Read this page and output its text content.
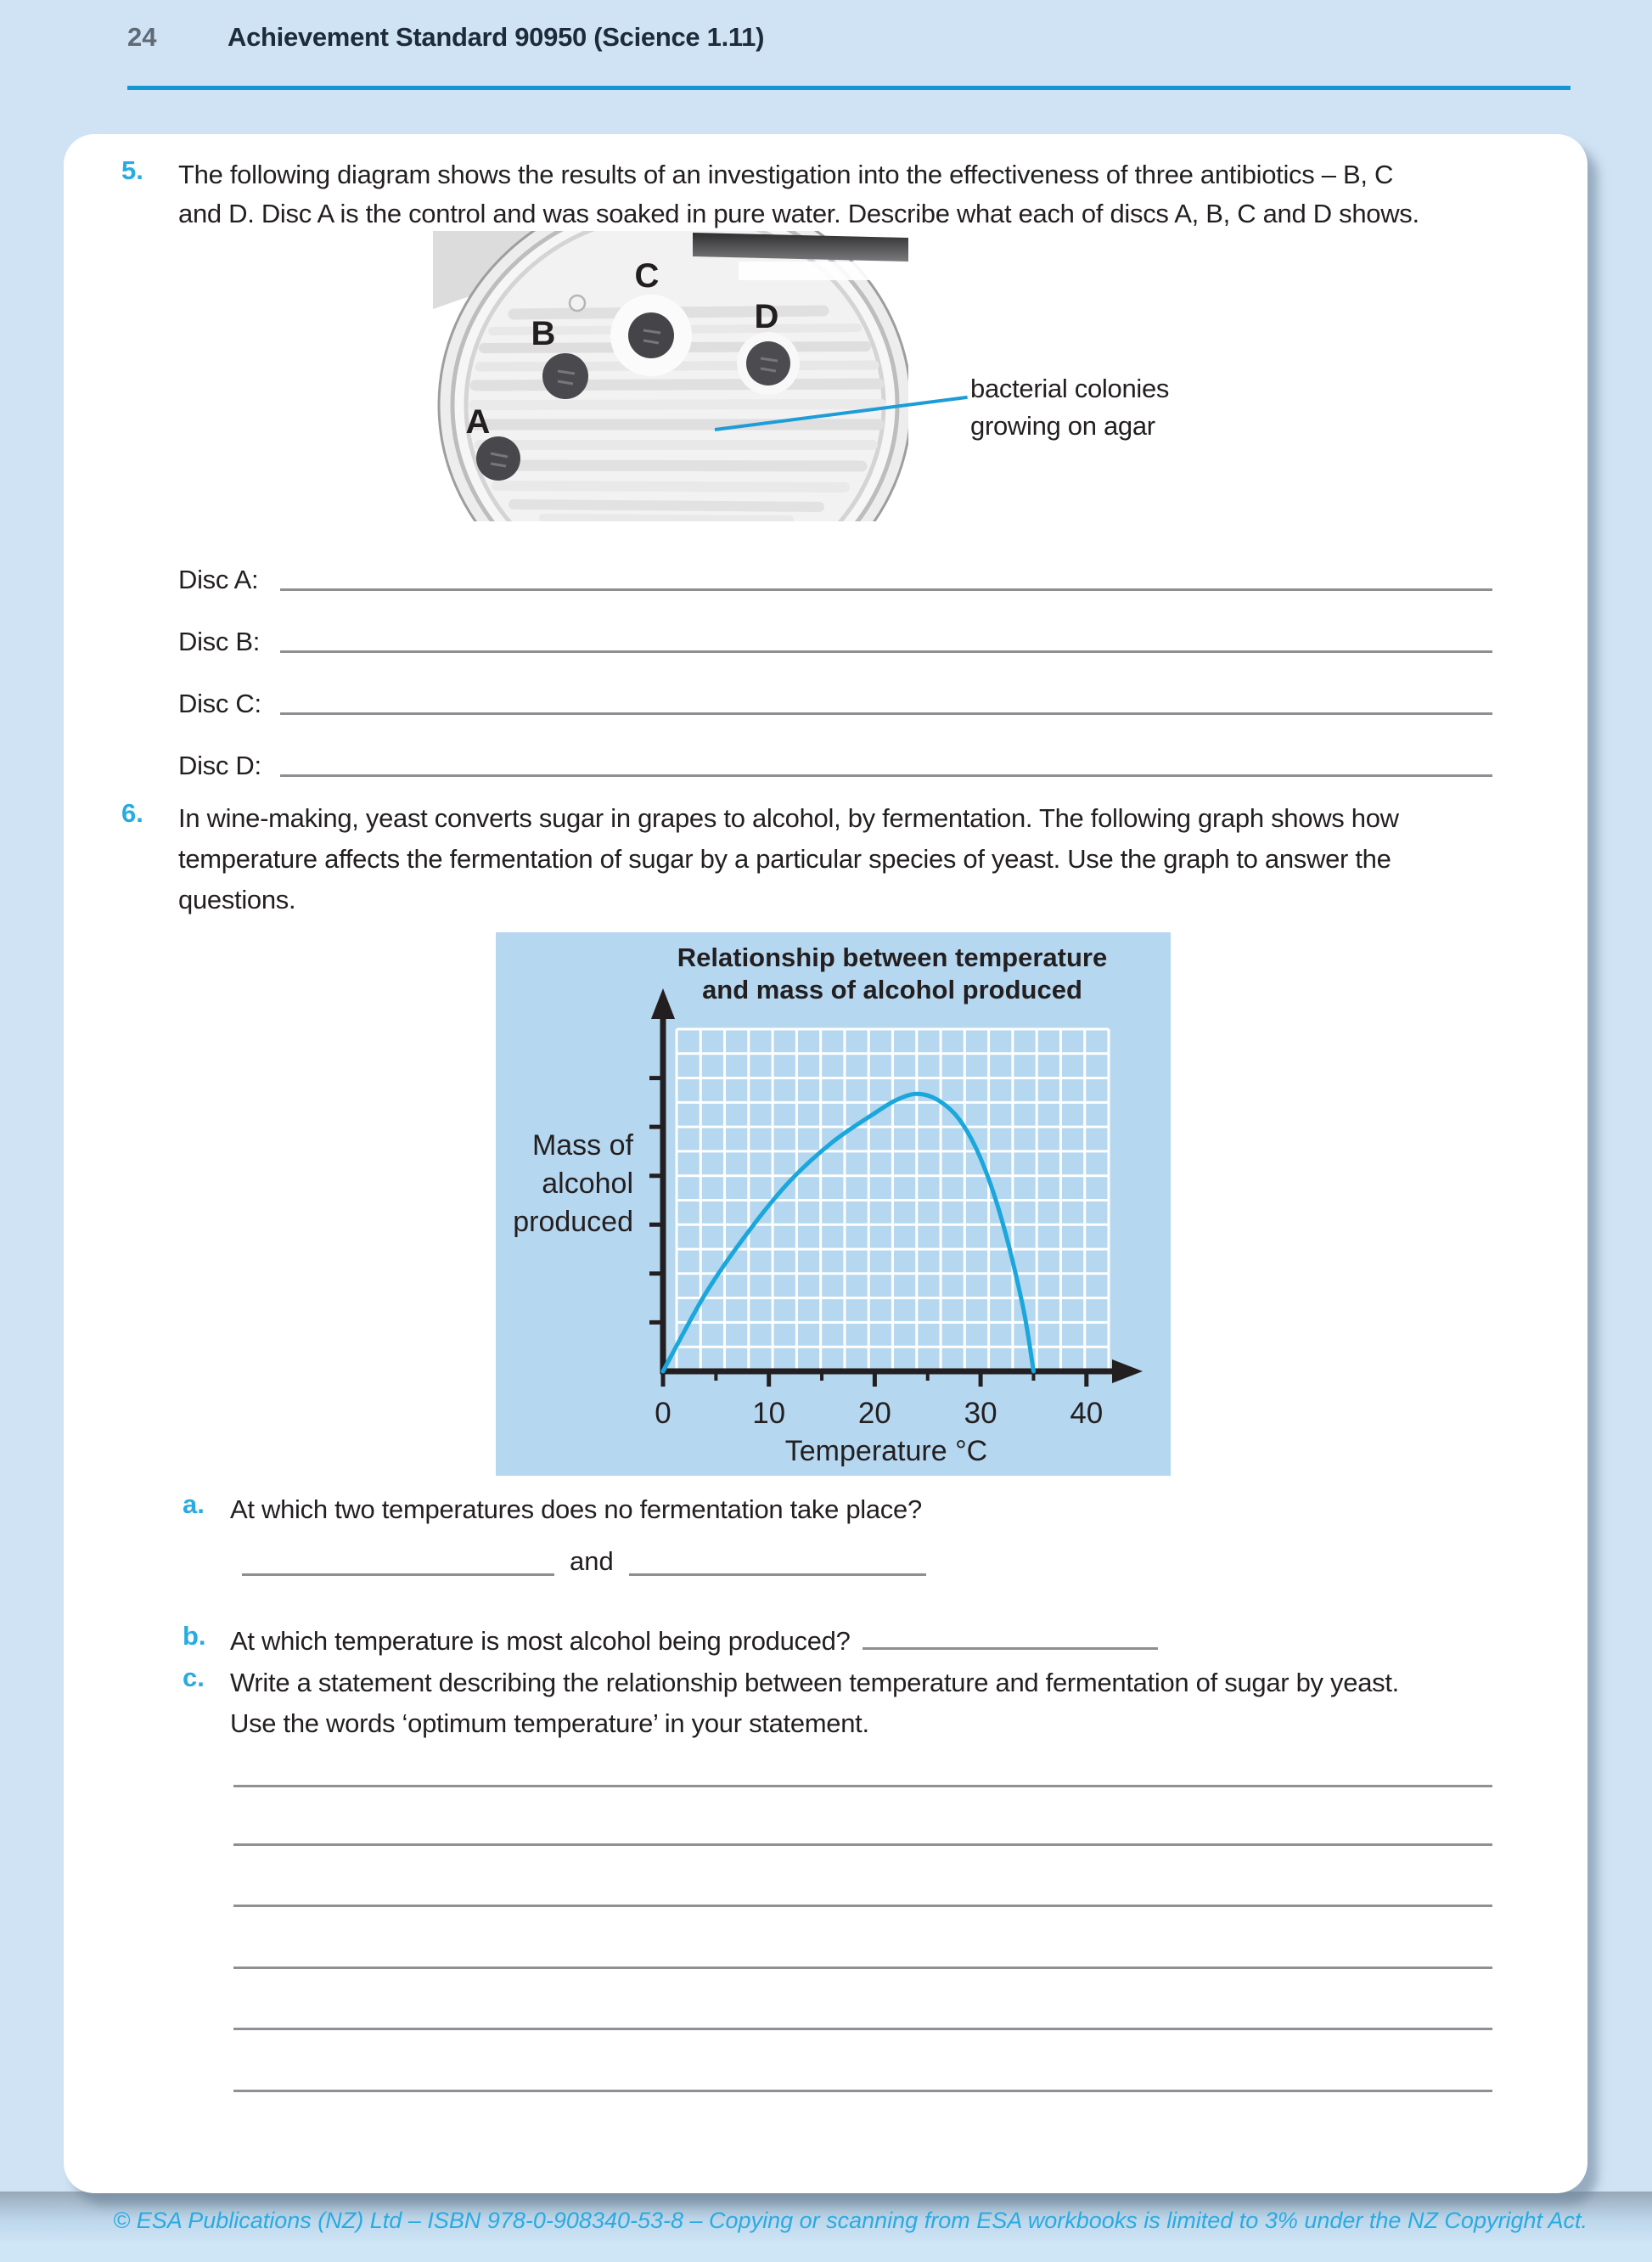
24	Achievement Standard 90950 (Science 1.11)
© ESA Publications (NZ) Ltd – ISBN 978-0-908340-53-8 – Copying or scanning from ESA workbooks is limited to 3% under the NZ Copyright Act.
5. The following diagram shows the results of an investigation into the effectiveness of three antibiotics – B, C
and D. Disc A is the control and was soaked in pure water. Describe what each of discs A, B, C and D shows.
A
B
C
D
bacterial colonies
growing on agar
Disc A:
Disc B:
Disc C:
Disc D:
6. In wine-making, yeast converts sugar in grapes to alcohol, by fermentation. The following graph shows how
temperature affects the fermentation of sugar by a particular species of yeast. Use the graph to answer the
questions.
Relationship between temperature
and mass of alcohol produced
Mass of
alcohol
produced
0	10 20 30 40
Temperature °C
a. At which two temperatures does no fermentation take place?
and
b. At which temperature is most alcohol being produced?
c. Write a statement describing the relationship between temperature and fermentation of sugar by yeast.
Use the words ‘optimum temperature’ in your statement.
